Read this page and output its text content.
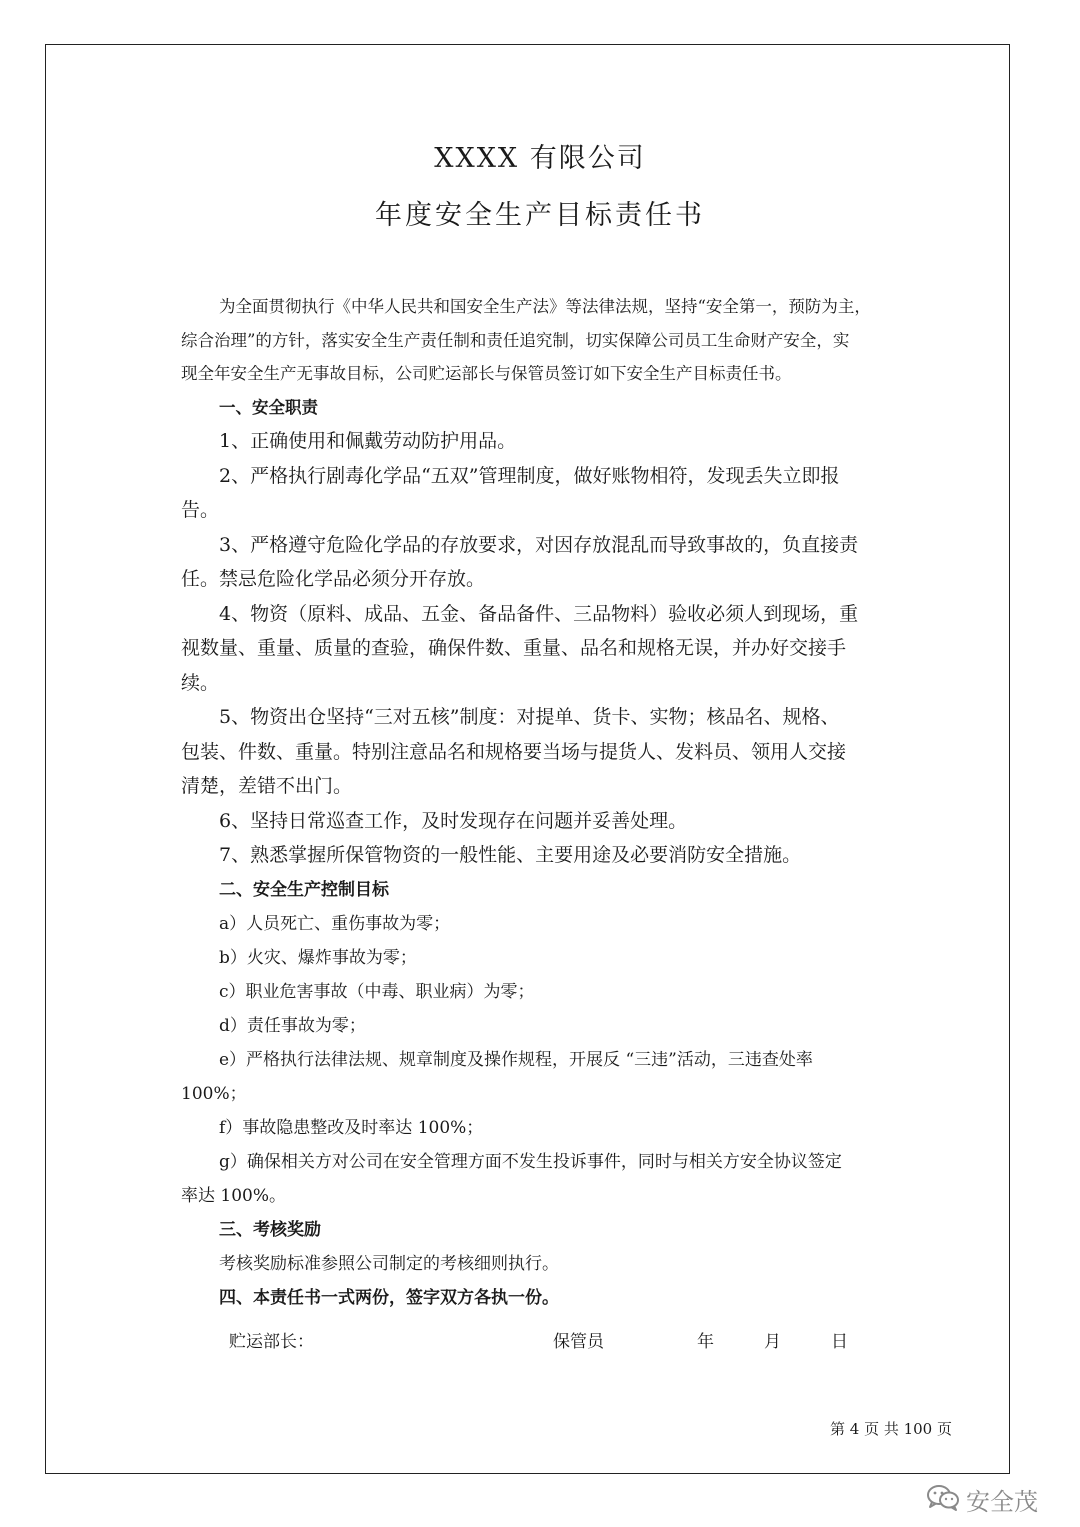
XXXX 有限公司
年度安全生产目标责任书
为全面贯彻执行《中华人民共和国安全生产法》等法律法规，坚持“安全第一，预防为主，
综合治理”的方针，落实安全生产责任制和责任追究制，切实保障公司员工生命财产安全，实
现全年安全生产无事故目标，公司贮运部长与保管员签订如下安全生产目标责任书。
一、安全职责
1、正确使用和佩戴劳动防护用品。
2、严格执行剧毒化学品“五双”管理制度，做好账物相符，发现丢失立即报
告。
3、严格遵守危险化学品的存放要求，对因存放混乱而导致事故的，负直接责
任。禁忌危险化学品必须分开存放。
4、物资（原料、成品、五金、备品备件、三品物料）验收必须人到现场，重
视数量、重量、质量的查验，确保件数、重量、品名和规格无误，并办好交接手
续。
5、物资出仓坚持“三对五核”制度：对提单、货卡、实物；核品名、规格、
包装、件数、重量。特别注意品名和规格要当场与提货人、发料员、领用人交接
清楚，差错不出门。
6、坚持日常巡查工作，及时发现存在问题并妥善处理。
7、熟悉掌握所保管物资的一般性能、主要用途及必要消防安全措施。
二、安全生产控制目标
a）人员死亡、重伤事故为零；
b）火灾、爆炸事故为零；
c）职业危害事故（中毒、职业病）为零；
d）责任事故为零；
e）严格执行法律法规、规章制度及操作规程，开展反 “三违”活动，三违查处率
100%；
f）事故隐患整改及时率达 100%；
g）确保相关方对公司在安全管理方面不发生投诉事件，同时与相关方安全协议签定
率达 100%。
三、考核奖励
考核奖励标准参照公司制定的考核细则执行。
四、本责任书一式两份，签字双方各执一份。
贮运部长：	保管员	年	月	日
第 4 页 共 100 页
安全茂
